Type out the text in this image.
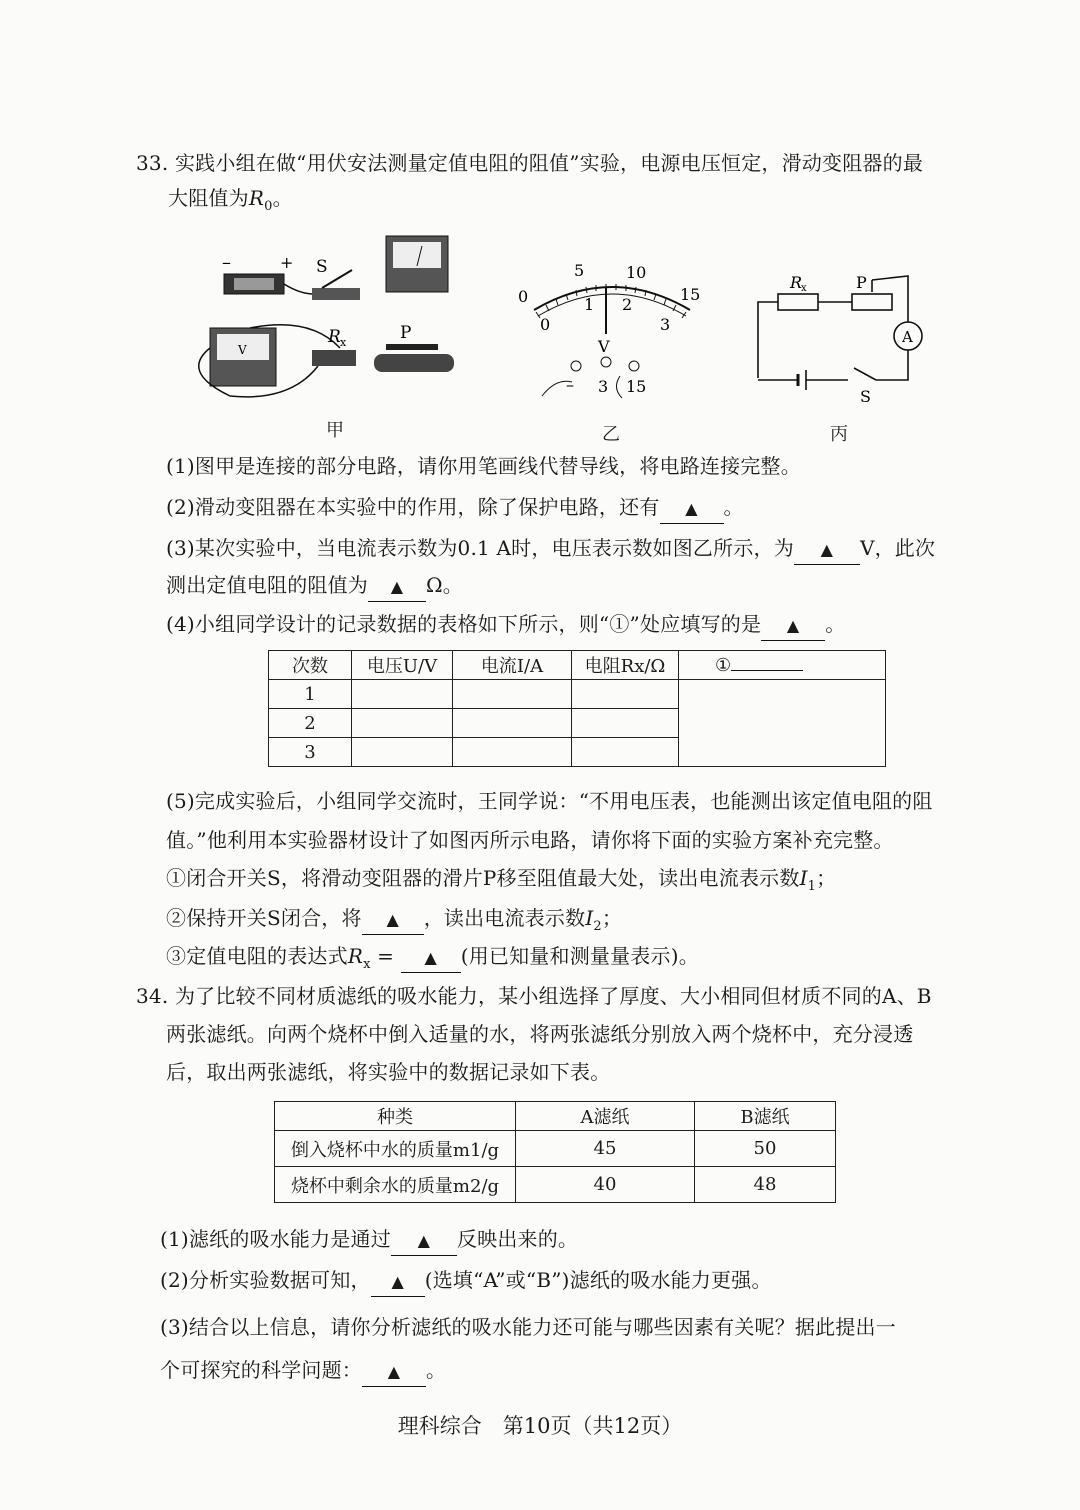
33. 实践小组在做“用伏安法测量定值电阻的阻值”实验，电源电压恒定，滑动变阻器的最
大阻值为$R_0$。
–	+ S
V
R x	P
甲
0
5	10
15
0
1 2
3
V
– 3 15
乙
R
x	P
A
S
丙
(1)图甲是连接的部分电路，请你用笔画线代替导线，将电路连接完整。
(2)滑动变阻器在本实验中的作用，除了保护电路，还有 ▲ 。
(3)某次实验中，当电流表示数为0.1 A时，电压表示数如图乙所示，为 ▲ V，此次
测出定值电阻的阻值为 ▲ Ω。
(4)小组同学设计的记录数据的表格如下所示，则“①”处应填写的是 ▲ 。
次数	电压U/V	电流I/A	电阻Rx/Ω	①
1				
2				
3				
(5)完成实验后，小组同学交流时，王同学说：“不用电压表，也能测出该定值电阻的阻
值。”他利用本实验器材设计了如图丙所示电路，请你将下面的实验方案补充完整。
①闭合开关S，将滑动变阻器的滑片P移至阻值最大处，读出电流表示数$I_1$；
②保持开关S闭合，将 ▲ ，读出电流表示数$I_2$；
③定值电阻的表达式$R_x$ = ▲ (用已知量和测量量表示)。
34. 为了比较不同材质滤纸的吸水能力，某小组选择了厚度、大小相同但材质不同的A、B
两张滤纸。向两个烧杯中倒入适量的水，将两张滤纸分别放入两个烧杯中，充分浸透
后，取出两张滤纸，将实验中的数据记录如下表。
种类	A滤纸	B滤纸
倒入烧杯中水的质量m1/g	45	50
烧杯中剩余水的质量m2/g	40	48
(1)滤纸的吸水能力是通过 ▲ 反映出来的。
(2)分析实验数据可知， ▲ (选填“A”或“B”)滤纸的吸水能力更强。
(3)结合以上信息，请你分析滤纸的吸水能力还可能与哪些因素有关呢？据此提出一
个可探究的科学问题： ▲ 。
理科综合　第10页（共12页）
